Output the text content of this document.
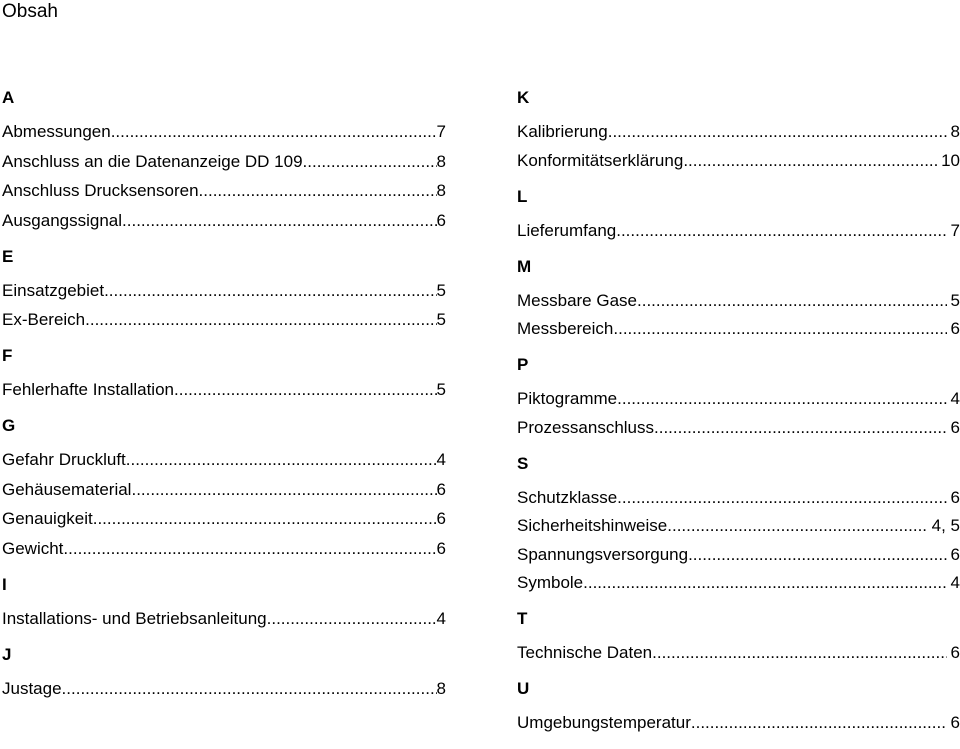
Obsah
A
Abmessungen .....	7
Anschluss an die Datenanzeige DD 109 .....	8
Anschluss Drucksensoren .....	8
Ausgangssignal. .....	6
E
Einsatzgebiet .....	5
Ex-Bereich .....	5
F
Fehlerhafte Installation .....	5
G
Gefahr Druckluft .....	4
Gehäusematerial .....	6
Genauigkeit .....	6
Gewicht .....	6
I
Installations- und Betriebsanleitung .....	4
J
Justage .....	8
K
Kalibrierung .....	8
Konformitätserklärung .....	10
L
Lieferumfang .....	7
M
Messbare Gase .....	5
Messbereich .....	6
P
Piktogramme .....	4
Prozessanschluss .....	6
S
Schutzklasse .....	6
Sicherheitshinweise .....	4, 5
Spannungsversorgung .....	6
Symbole .....	4
T
Technische Daten .....	6
U
Umgebungstemperatur .....	6
